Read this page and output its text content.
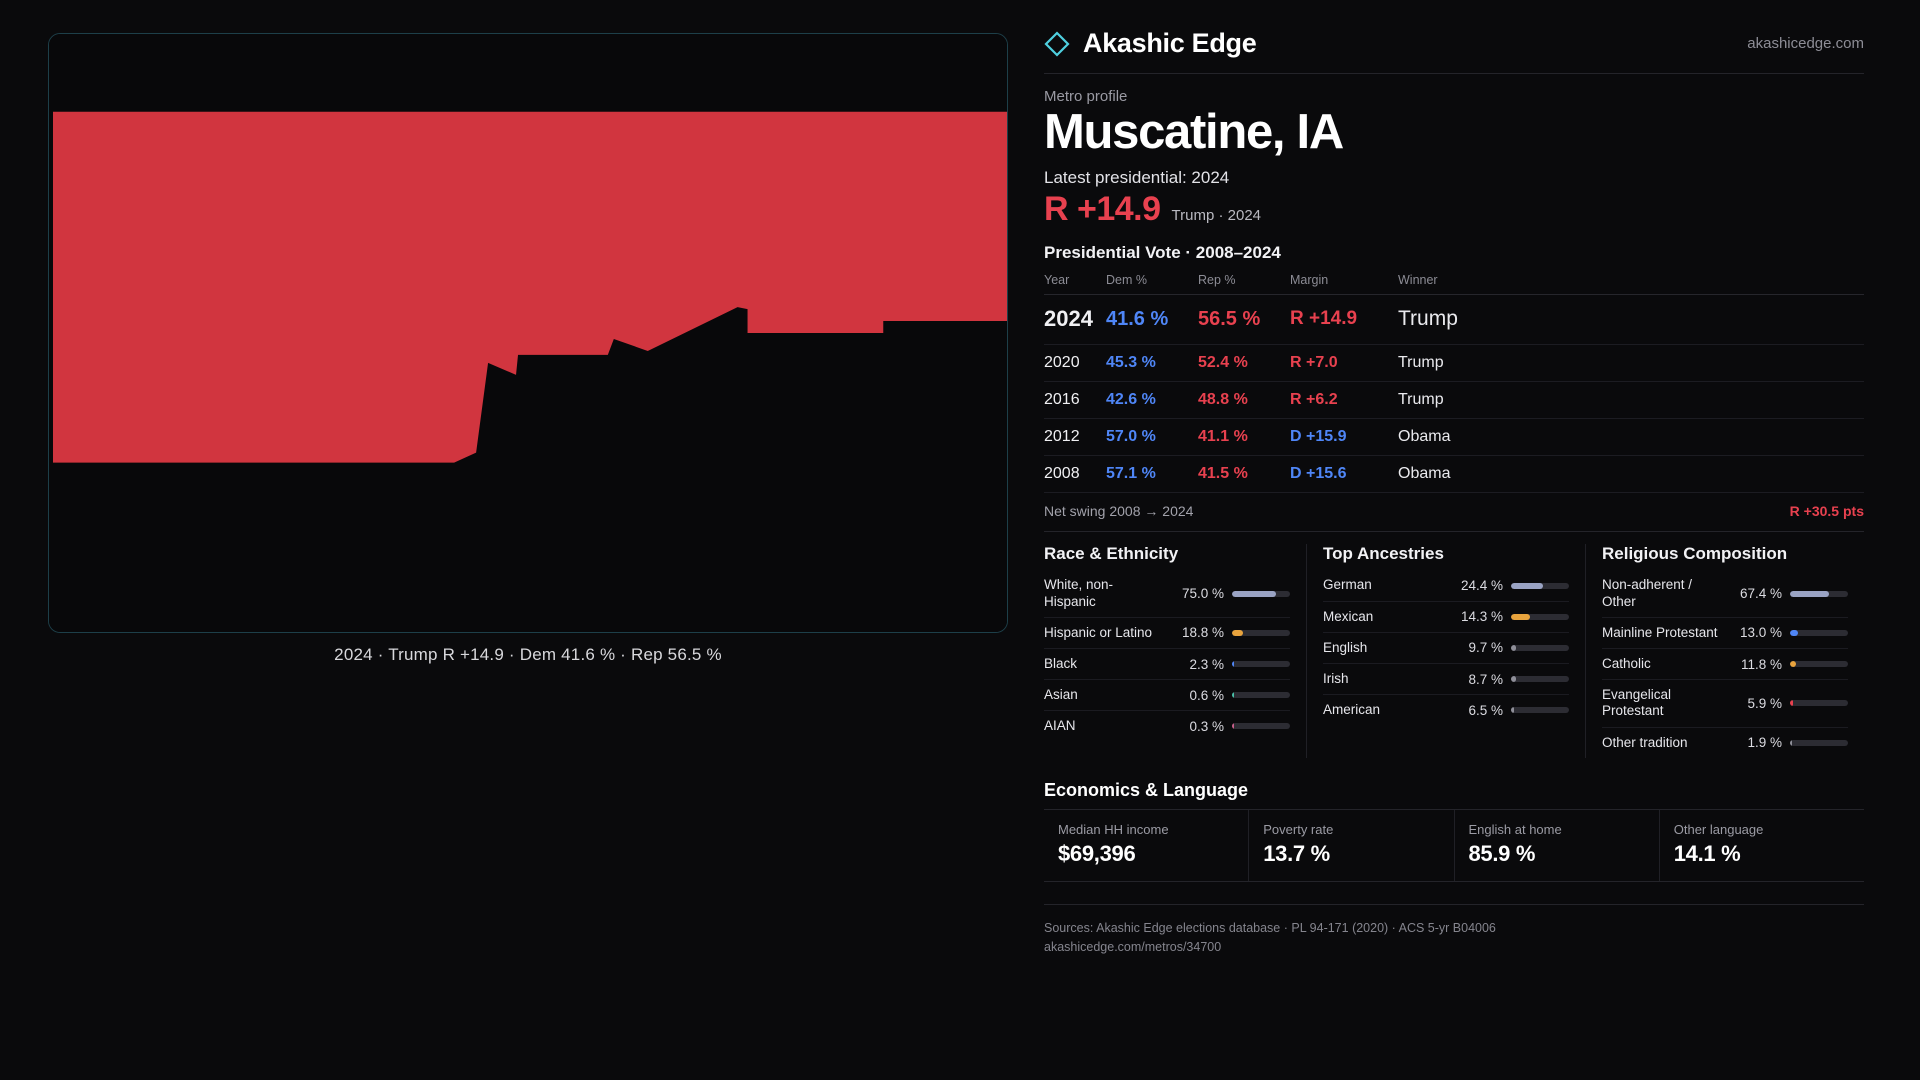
2024 · Trump R +14.9 · Dem 41.6 % · Rep 56.5 %
Akashic Edge	akashicedge.com
Metro profile
Muscatine, IA
Latest presidential: 2024
R +14.9 Trump · 2024
Presidential Vote · 2008–2024
Year	Dem %	Rep %	Margin	Winner
2024	41.6 %	56.5 %	R +14.9	Trump
2020	45.3 %	52.4 %	R +7.0	Trump
2016	42.6 %	48.8 %	R +6.2	Trump
2012	57.0 %	41.1 %	D +15.9	Obama
2008	57.1 %	41.5 %	D +15.6	Obama
Net swing 2008 → 2024	R +30.5 pts
Race & Ethnicity
White, non-Hispanic	75.0 %
Hispanic or Latino	18.8 %
Black	2.3 %
Asian	0.6 %
AIAN	0.3 %
Top Ancestries
German	24.4 %
Mexican	14.3 %
English	9.7 %
Irish	8.7 %
American	6.5 %
Religious Composition
Non-adherent / Other	67.4 %
Mainline Protestant	13.0 %
Catholic	11.8 %
Evangelical Protestant	5.9 %
Other tradition	1.9 %
Economics & Language
Median HH income
$69,396
Poverty rate
13.7 %
English at home
85.9 %
Other language
14.1 %
Sources: Akashic Edge elections database · PL 94-171 (2020) · ACS 5-yr B04006
akashicedge.com/metros/34700
